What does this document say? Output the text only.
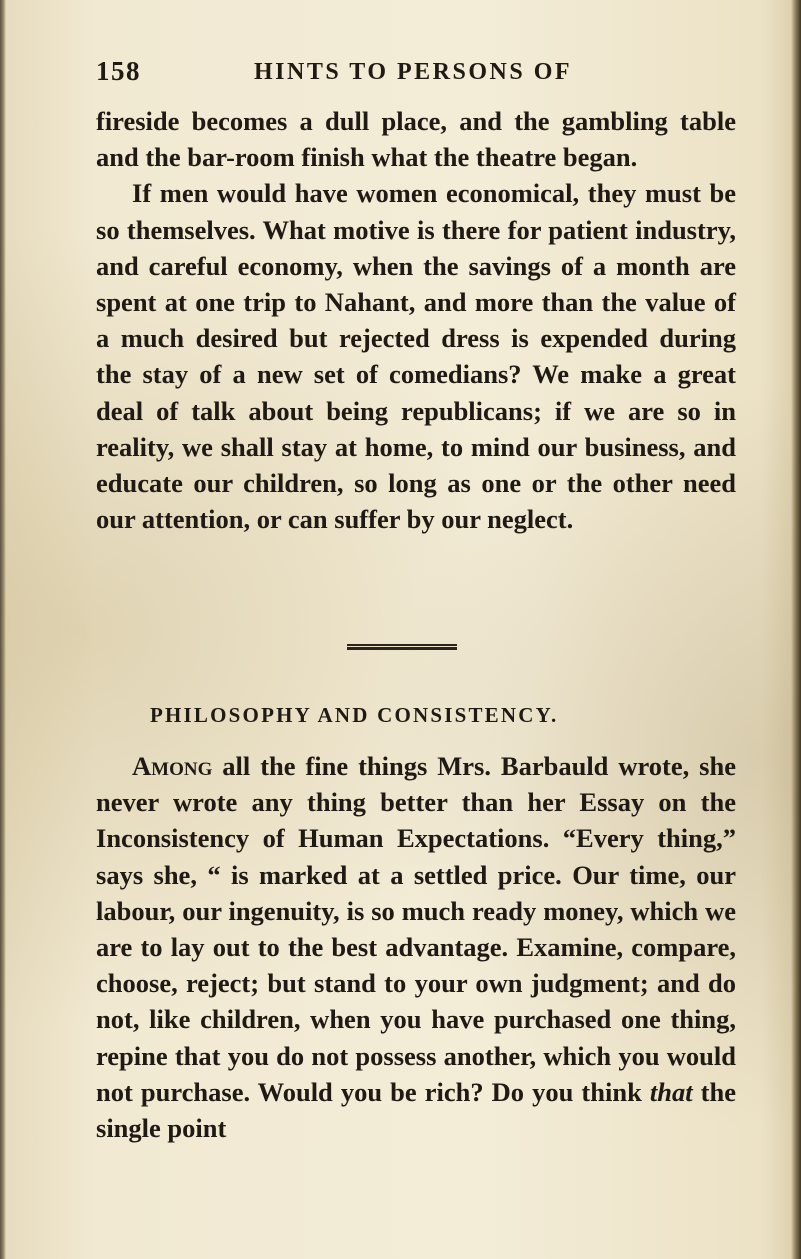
158	HINTS TO PERSONS OF

fireside becomes a dull place, and the gambling table and the bar-room finish what the theatre began.

If men would have women economical, they must be so themselves. What motive is there for patient industry, and careful economy, when the savings of a month are spent at one trip to Nahant, and more than the value of a much desired but rejected dress is expended during the stay of a new set of comedians? We make a great deal of talk about being republicans; if we are so in reality, we shall stay at home, to mind our business, and educate our children, so long as one or the other need our attention, or can suffer by our neglect.

PHILOSOPHY AND CONSISTENCY.

Among all the fine things Mrs. Barbauld wrote, she never wrote any thing better than her Essay on the Inconsistency of Human Expectations. “Every thing,” says she, “ is marked at a settled price. Our time, our labour, our ingenuity, is so much ready money, which we are to lay out to the best advantage. Examine, compare, choose, reject; but stand to your own judgment; and do not, like children, when you have purchased one thing, repine that you do not possess another, which you would not purchase. Would you be rich? Do you think that the single point
